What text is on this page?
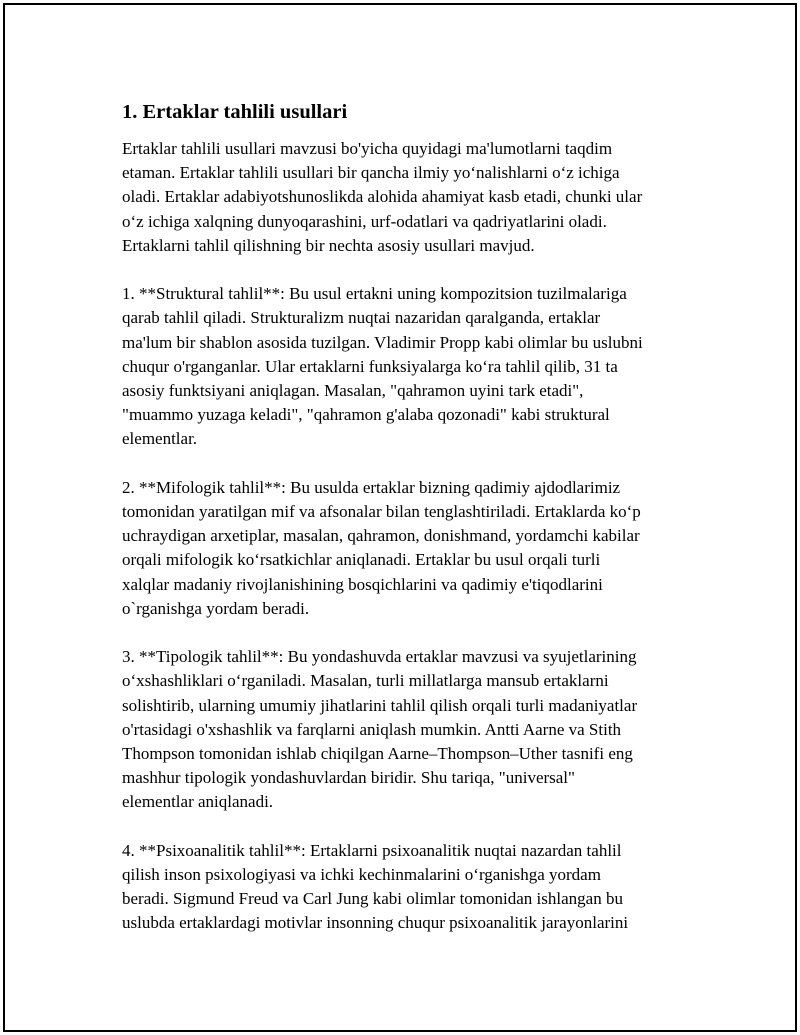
1. Ertaklar tahlili usullari
Ertaklar tahlili usullari mavzusi bo'yicha quyidagi ma'lumotlarni taqdim
etaman. Ertaklar tahlili usullari bir qancha ilmiy yo‘nalishlarni o‘z ichiga
oladi. Ertaklar adabiyotshunoslikda alohida ahamiyat kasb etadi, chunki ular
o‘z ichiga xalqning dunyoqarashini, urf-odatlari va qadriyatlarini oladi.
Ertaklarni tahlil qilishning bir nechta asosiy usullari mavjud.
1. **Struktural tahlil**: Bu usul ertakni uning kompozitsion tuzilmalariga
qarab tahlil qiladi. Strukturalizm nuqtai nazaridan qaralganda, ertaklar
ma'lum bir shablon asosida tuzilgan. Vladimir Propp kabi olimlar bu uslubni
chuqur o'rganganlar. Ular ertaklarni funksiyalarga ko‘ra tahlil qilib, 31 ta
asosiy funktsiyani aniqlagan. Masalan, "qahramon uyini tark etadi",
"muammo yuzaga keladi", "qahramon g'alaba qozonadi" kabi struktural
elementlar.
2. **Mifologik tahlil**: Bu usulda ertaklar bizning qadimiy ajdodlarimiz
tomonidan yaratilgan mif va afsonalar bilan tenglashtiriladi. Ertaklarda ko‘p
uchraydigan arxetiplar, masalan, qahramon, donishmand, yordamchi kabilar
orqali mifologik ko‘rsatkichlar aniqlanadi. Ertaklar bu usul orqali turli
xalqlar madaniy rivojlanishining bosqichlarini va qadimiy e'tiqodlarini
o`rganishga yordam beradi.
3. **Tipologik tahlil**: Bu yondashuvda ertaklar mavzusi va syujetlarining
o‘xshashliklari o‘rganiladi. Masalan, turli millatlarga mansub ertaklarni
solishtirib, ularning umumiy jihatlarini tahlil qilish orqali turli madaniyatlar
o'rtasidagi o'xshashlik va farqlarni aniqlash mumkin. Antti Aarne va Stith
Thompson tomonidan ishlab chiqilgan Aarne–Thompson–Uther tasnifi eng
mashhur tipologik yondashuvlardan biridir. Shu tariqa, "universal"
elementlar aniqlanadi.
4. **Psixoanalitik tahlil**: Ertaklarni psixoanalitik nuqtai nazardan tahlil
qilish inson psixologiyasi va ichki kechinmalarini o‘rganishga yordam
beradi. Sigmund Freud va Carl Jung kabi olimlar tomonidan ishlangan bu
uslubda ertaklardagi motivlar insonning chuqur psixoanalitik jarayonlarini
